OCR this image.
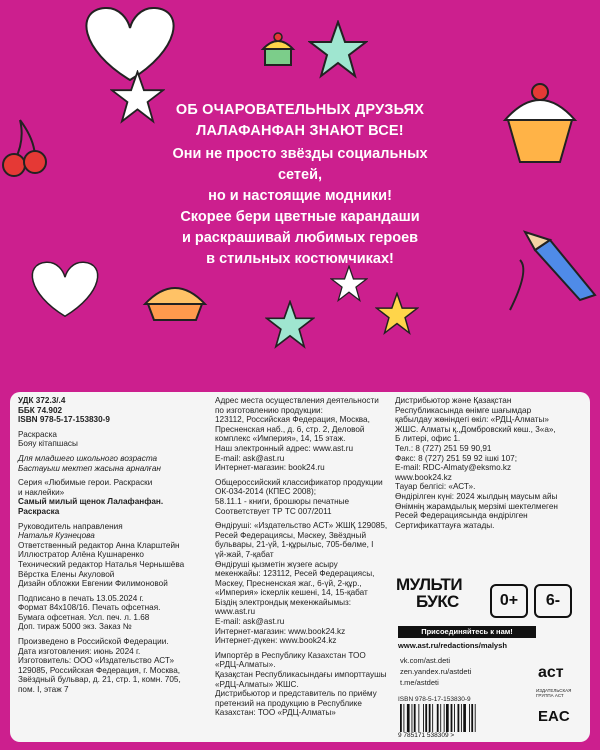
ОБ ОЧАРОВАТЕЛЬНЫХ ДРУЗЬЯХ
ЛАЛАФАНФАН ЗНАЮТ ВСЕ!
Они не просто звёзды социальных сетей,
но и настоящие модники!
Скорее бери цветные карандаши
и раскрашивай любимых героев
в стильных костюмчиках!
УДК 372.3/.4
ББК 74.902
ISBN 978-5-17-153830-9
Раскраска
Бояу кітапшасы
Для младшего школьного возраста
Бастауыш мектеп жасына арналған
Серия «Любимые герои. Раскраски
и наклейки»
Самый милый щенок Лалафанфан.
Раскраска
Руководитель направления
Наталья Кузнецова
Ответственный редактор Анна Кларштейн
Иллюстратор Алёна Кушнаренко
Технический редактор Наталья Чернышёва
Вёрстка Елены Акуловой
Дизайн обложки Евгении Филимоновой
Подписано в печать 13.05.2024 г.
Формат 84x108/16. Печать офсетная.
Бумага офсетная. Усл. печ. л. 1.68
Доп. тираж 5000 экз. Заказ №
Произведено в Российской Федерации.
Дата изготовления: июнь 2024 г.
Изготовитель: ООО «Издательство АСТ»
129085, Российская Федерация, г. Москва,
Звёздный бульвар, д. 21, стр. 1, комн. 705,
пом. I, этаж 7
Адрес места осуществления деятельности
по изготовлению продукции:
123112, Российская Федерация, Москва,
Пресненская наб., д. 6, стр. 2, Деловой
комплекс «Империя», 14, 15 этаж.
Наш электронный адрес: www.ast.ru
E-mail: ask@ast.ru
Интернет-магазин: book24.ru
Общероссийский классификатор продукции
ОК-034-2014 (КПЕС 2008);
58.11.1 - книги, брошюры печатные
Соответствует ТР ТС 007/2011
Өндіруші: «Издательство АСТ» ЖШҚ 129085,
Ресей Федерациясы, Мәскеу, Звёздный
бульвары, 21-үй, 1-құрылыс, 705-бөлме, I
үй-жай, 7-қабат
Өндіруші қызметін жүзеге асыру
мекенжайы: 123112, Ресей Федерациясы,
Мәскеу, Пресненская жаг., 6-үй, 2-құр.,
«Империя» іскерлік кешені, 14, 15-қабат
Біздің электрондық мекенжайымыз:
www.ast.ru
E-mail: ask@ast.ru
Интернет-магазин: www.book24.kz
Интернет-дүкен: www.book24.kz
Импортёр в Республику Казахстан ТОО
«РДЦ-Алматы».
Қазақстан Республикасындағы импорттаушы
«РДЦ-Алматы» ЖШС.
Дистрибьютор и представитель по приёму
претензий на продукцию в Республике
Казахстан: ТОО «РДЦ-Алматы»
Дистрибьютор және Қазақстан
Республикасында өнімге шағымдар
қабылдау жөніндегі өкіл: «РДЦ-Алматы»
ЖШС. Алматы қ.,Домбровский көш., 3«а»,
Б литері, офис 1.
Тел.: 8 (727) 251 59 90,91
Факс: 8 (727) 251 59 92 ішкі 107;
E-mail: RDC-Almaty@eksmo.kz
www.book24.kz
Тауар белгісі: «АСТ».
Өндірілген күні: 2024 жылдың маусым айы
Өнімнің жарамдылық мерзімі шектелмеген
Ресей Федерациясында өндірілген
Сертификаттауға жатады.
МУЛЬТИ
БУКС	0+	6-
Присоединяйтесь к нам!
www.ast.ru/redactions/malysh
vk.com/ast.deti
zen.yandex.ru/astdeti
t.me/astdeti
аст
ИЗДАТЕЛЬСКАЯ ГРУППА АСТ
ISBN 978-5-17-153830-9
9 785171 538309 >
EAC
